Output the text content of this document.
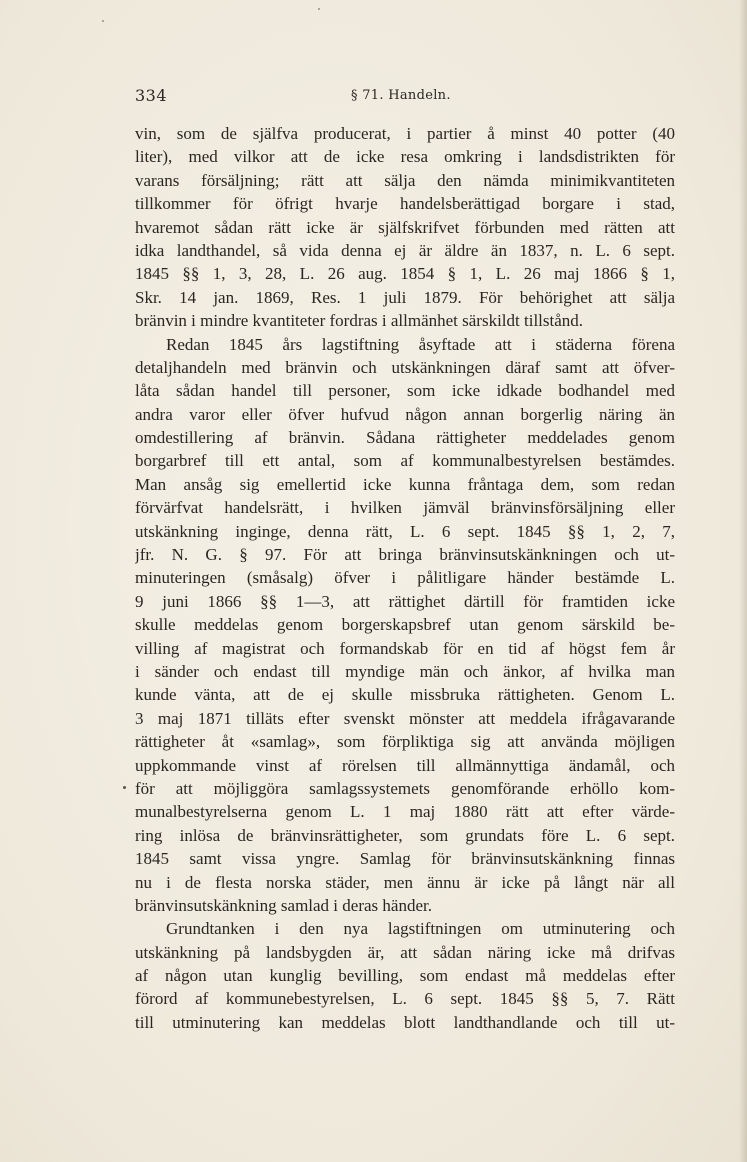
334	§ 71. Handeln.
vin, som de själfva producerat, i partier å minst 40 potter (40
liter), med vilkor att de icke resa omkring i landsdistrikten för
varans försäljning; rätt att sälja den nämda minimikvantiteten
tillkommer för öfrigt hvarje handelsberättigad borgare i stad,
hvaremot sådan rätt icke är själfskrifvet förbunden med rätten att
idka landthandel, så vida denna ej är äldre än 1837, n. L. 6 sept.
1845 §§ 1, 3, 28, L. 26 aug. 1854 § 1, L. 26 maj 1866 § 1,
Skr. 14 jan. 1869, Res. 1 juli 1879. För behörighet att sälja
bränvin i mindre kvantiteter fordras i allmänhet särskildt tillstånd.
Redan 1845 års lagstiftning åsyftade att i städerna förena
detaljhandeln med bränvin och utskänkningen däraf samt att öfver-
låta sådan handel till personer, som icke idkade bodhandel med
andra varor eller öfver hufvud någon annan borgerlig näring än
omdestillering af bränvin. Sådana rättigheter meddelades genom
borgarbref till ett antal, som af kommunalbestyrelsen bestämdes.
Man ansåg sig emellertid icke kunna fråntaga dem, som redan
förvärfvat handelsrätt, i hvilken jämväl bränvinsförsäljning eller
utskänkning inginge, denna rätt, L. 6 sept. 1845 §§ 1, 2, 7,
jfr. N. G. § 97. För att bringa bränvinsutskänkningen och ut-
minuteringen (småsalg) öfver i pålitligare händer bestämde L.
9 juni 1866 §§ 1—3, att rättighet därtill för framtiden icke
skulle meddelas genom borgerskapsbref utan genom särskild be-
villing af magistrat och formandskab för en tid af högst fem år
i sänder och endast till myndige män och änkor, af hvilka man
kunde vänta, att de ej skulle missbruka rättigheten. Genom L.
3 maj 1871 tilläts efter svenskt mönster att meddela ifrågavarande
rättigheter åt «samlag», som förpliktiga sig att använda möjligen
uppkommande vinst af rörelsen till allmännyttiga ändamål, och
för att möjliggöra samlagssystemets genomförande erhöllo kom-
munalbestyrelserna genom L. 1 maj 1880 rätt att efter värde-
ring inlösa de bränvinsrättigheter, som grundats före L. 6 sept.
1845 samt vissa yngre. Samlag för bränvinsutskänkning finnas
nu i de flesta norska städer, men ännu är icke på långt när all
bränvinsutskänkning samlad i deras händer.
Grundtanken i den nya lagstiftningen om utminutering och
utskänkning på landsbygden är, att sådan näring icke må drifvas
af någon utan kunglig bevilling, som endast må meddelas efter
förord af kommunebestyrelsen, L. 6 sept. 1845 §§ 5, 7. Rätt
till utminutering kan meddelas blott landthandlande och till ut-
